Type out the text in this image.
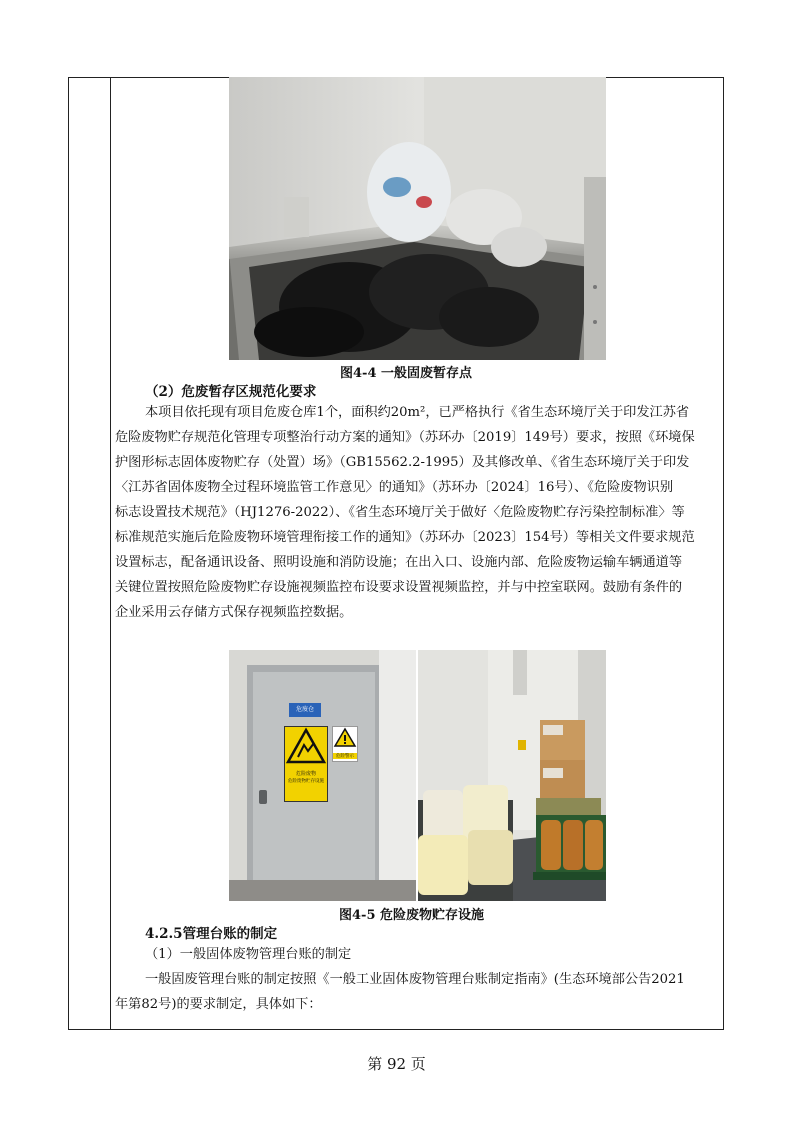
图4-4 一般固废暂存点
（2）危废暂存区规范化要求
本项目依托现有项目危废仓库1个，面积约20m²，已严格执行《省生态环境厅关于印发江苏省
危险废物贮存规范化管理专项整治行动方案的通知》（苏环办〔2019〕149号）要求，按照《环境保
护图形标志固体废物贮存（处置）场》（GB15562.2-1995）及其修改单、《省生态环境厅关于印发
〈江苏省固体废物全过程环境监管工作意见〉的通知》（苏环办〔2024〕16号）、《危险废物识别
标志设置技术规范》（HJ1276-2022）、《省生态环境厅关于做好〈危险废物贮存污染控制标准〉等
标准规范实施后危险废物环境管理衔接工作的通知》（苏环办〔2023〕154号）等相关文件要求规范
设置标志，配备通讯设备、照明设施和消防设施；在出入口、设施内部、危险废物运输车辆通道等
关键位置按照危险废物贮存设施视频监控布设要求设置视频监控，并与中控室联网。鼓励有条件的
企业采用云存储方式保存视频监控数据。
危废仓
危险废物
危险废物贮存设施
危险警示
图4-5 危险废物贮存设施
4.2.5管理台账的制定
（1）一般固体废物管理台账的制定
一般固废管理台账的制定按照《一般工业固体废物管理台账制定指南》(生态环境部公告2021
年第82号)的要求制定，具体如下：
第 92 页
